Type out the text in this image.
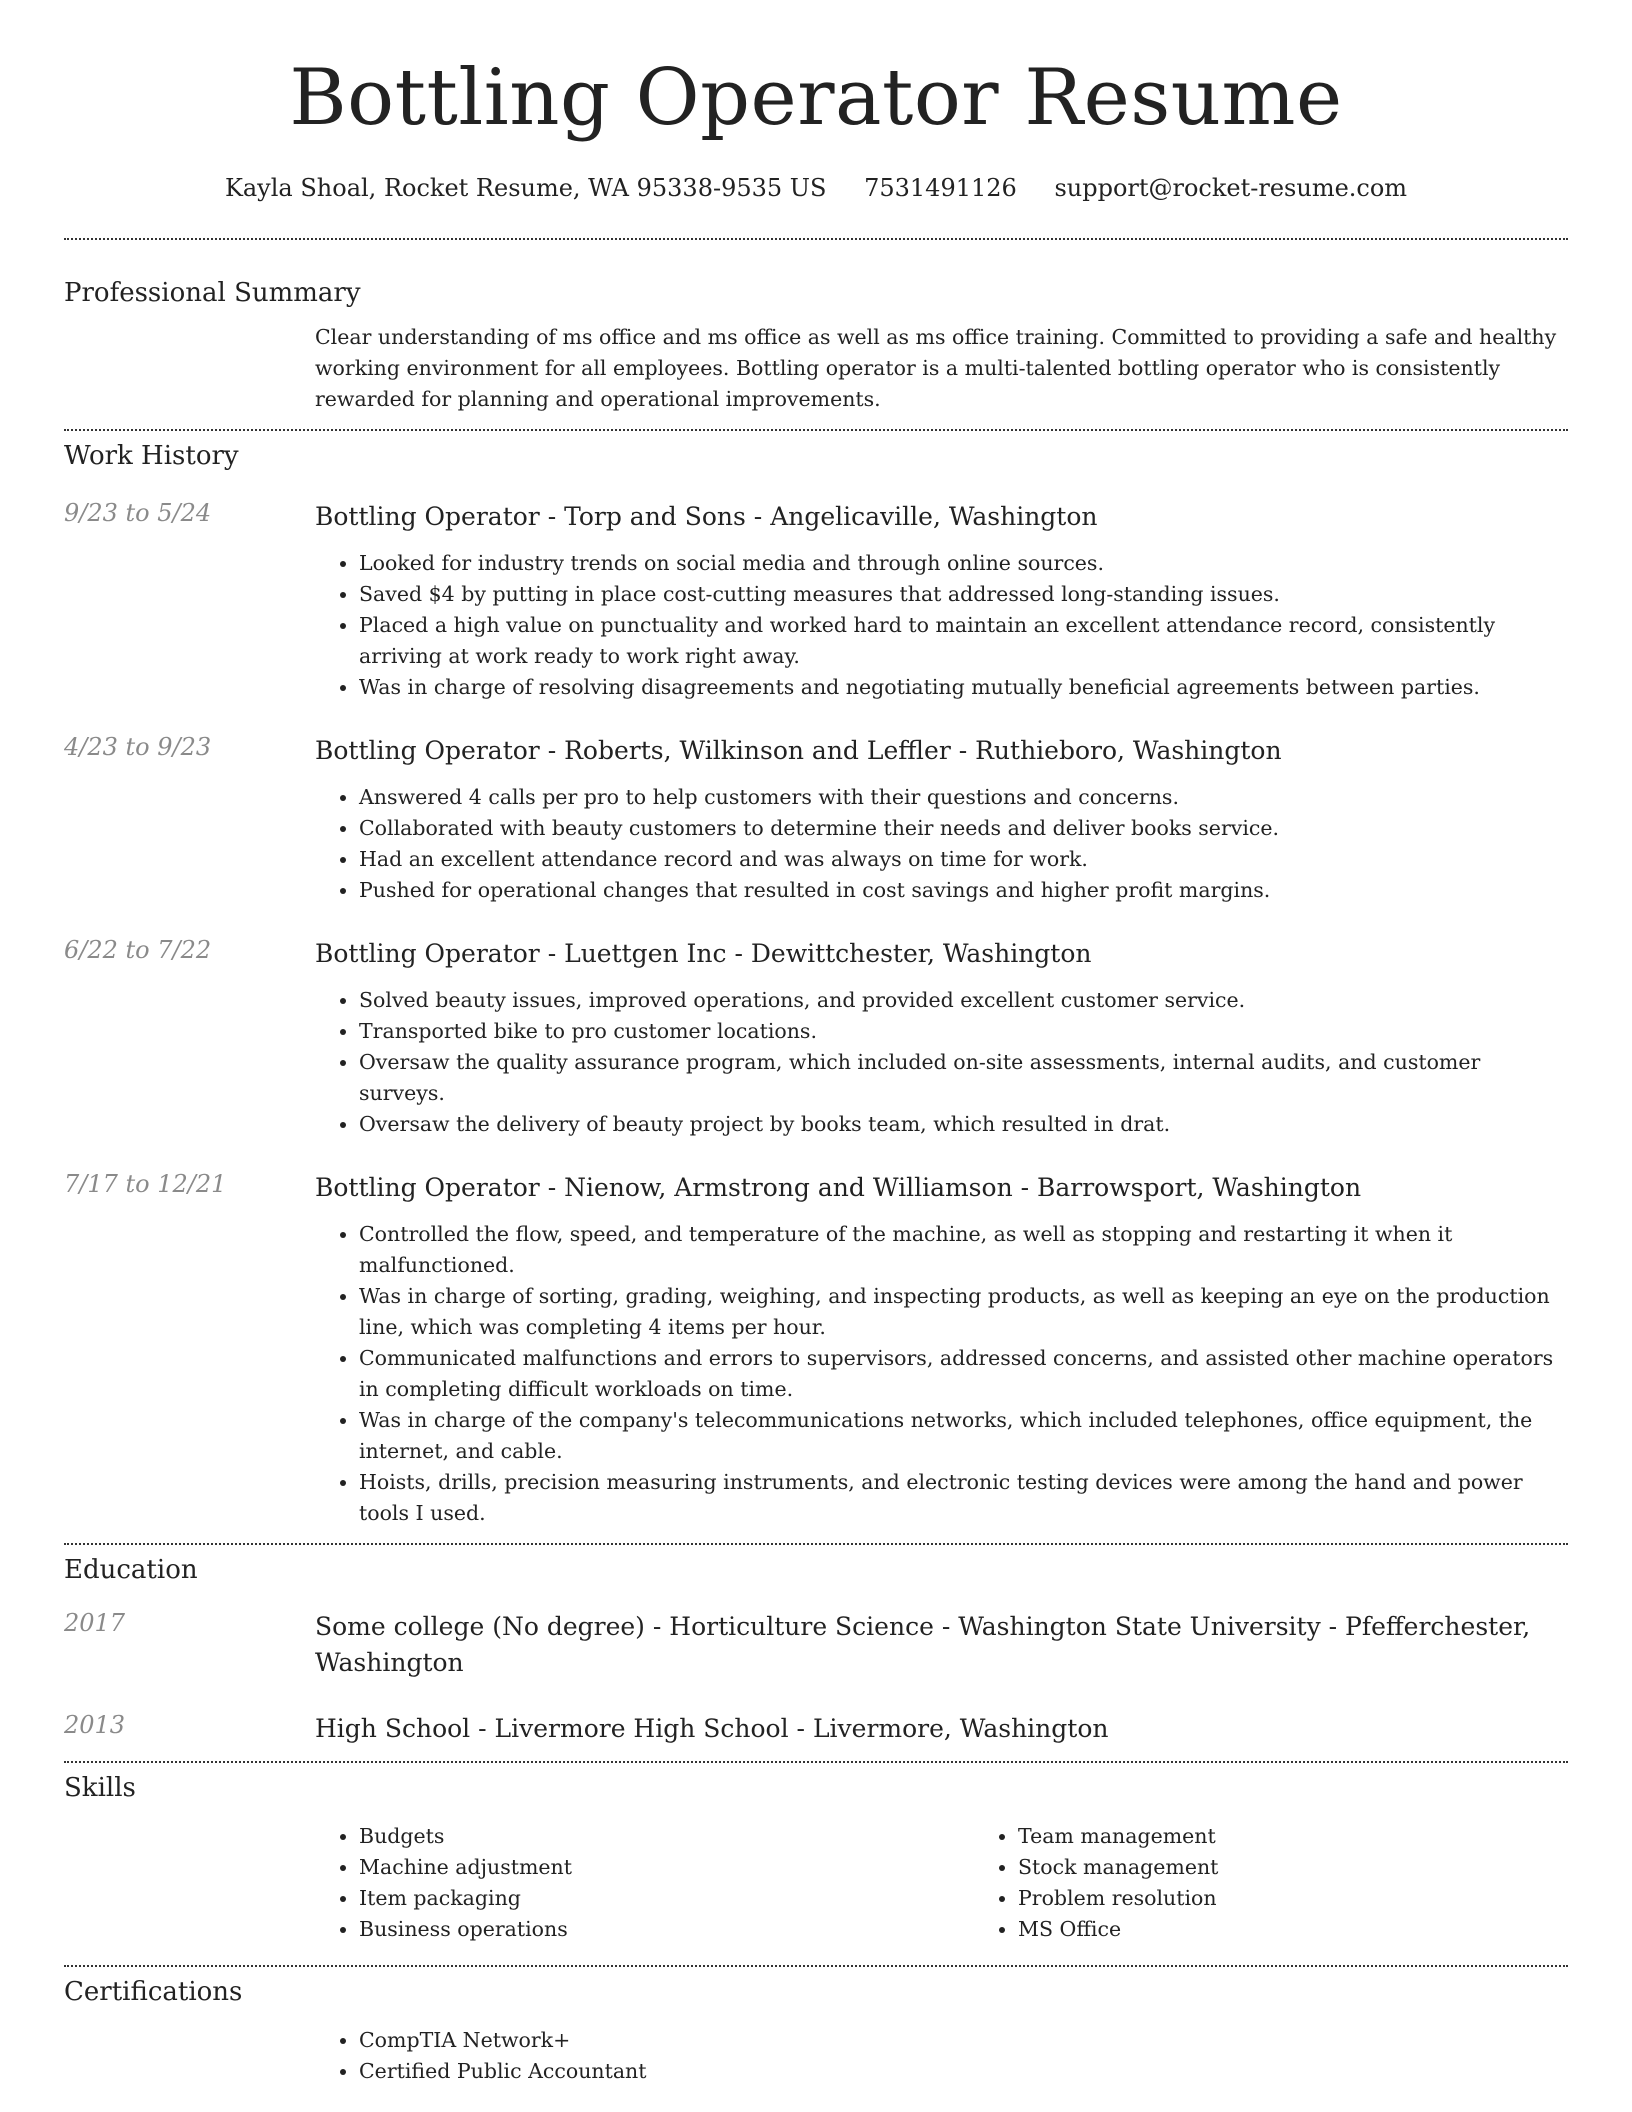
Bottling Operator Resume
Kayla Shoal, Rocket Resume, WA 95338-9535 US 7531491126 support@rocket-resume.com
Professional Summary
Clear understanding of ms office and ms office as well as ms office training. Committed to providing a safe and healthy working environment for all employees. Bottling operator is a multi-talented bottling operator who is consistently rewarded for planning and operational improvements.
Work History
9/23 to 5/24	Bottling Operator - Torp and Sons - Angelicaville, Washington
• Looked for industry trends on social media and through online sources.
• Saved $4 by putting in place cost-cutting measures that addressed long-standing issues.
• Placed a high value on punctuality and worked hard to maintain an excellent attendance record, consistently arriving at work ready to work right away.
• Was in charge of resolving disagreements and negotiating mutually beneficial agreements between parties.
4/23 to 9/23	Bottling Operator - Roberts, Wilkinson and Leffler - Ruthieboro, Washington
• Answered 4 calls per pro to help customers with their questions and concerns.
• Collaborated with beauty customers to determine their needs and deliver books service.
• Had an excellent attendance record and was always on time for work.
• Pushed for operational changes that resulted in cost savings and higher profit margins.
6/22 to 7/22	Bottling Operator - Luettgen Inc - Dewittchester, Washington
• Solved beauty issues, improved operations, and provided excellent customer service.
• Transported bike to pro customer locations.
• Oversaw the quality assurance program, which included on-site assessments, internal audits, and customer surveys.
• Oversaw the delivery of beauty project by books team, which resulted in drat.
7/17 to 12/21	Bottling Operator - Nienow, Armstrong and Williamson - Barrowsport, Washington
• Controlled the flow, speed, and temperature of the machine, as well as stopping and restarting it when it malfunctioned.
• Was in charge of sorting, grading, weighing, and inspecting products, as well as keeping an eye on the production line, which was completing 4 items per hour.
• Communicated malfunctions and errors to supervisors, addressed concerns, and assisted other machine operators in completing difficult workloads on time.
• Was in charge of the company's telecommunications networks, which included telephones, office equipment, the internet, and cable.
• Hoists, drills, precision measuring instruments, and electronic testing devices were among the hand and power tools I used.
Education
2017	Some college (No degree) - Horticulture Science - Washington State University - Pfefferchester, Washington
2013	High School - Livermore High School - Livermore, Washington
Skills
• Budgets
• Machine adjustment
• Item packaging
• Business operations
• Team management
• Stock management
• Problem resolution
• MS Office
Certifications
• CompTIA Network+
• Certified Public Accountant
